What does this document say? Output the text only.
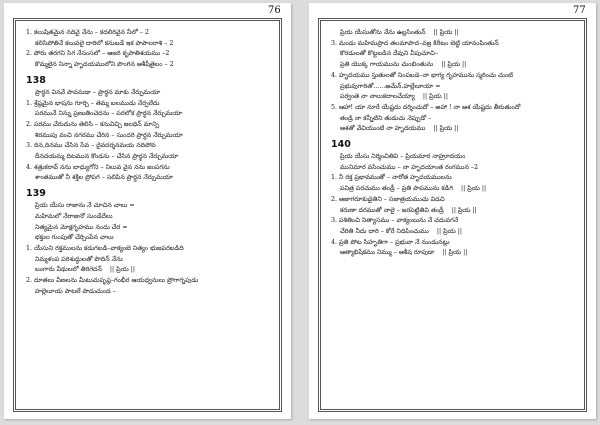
76
1. కలుషితమైన నదివై నేను – కదలిరివైన నీలో – 2
కలిసిపోతినే కలువలై దారిలో కనుబడే ఇక పాపాలరాశి – 2
2. పోరు తరగని సిగ నేసంసలో – ఆజరి కృపాతిశయము –2
కొమ్మలైన నిన్నా హృదయములోని పొంగిన ఆశీషీతైలం – 2
138
ప్రార్థన వినవే పావనుడా – ప్రార్థన మాకు నేర్పుమయా
1. శ్రేష్ఠమైన భాషను గూర్చి – తెమ్మ బలముడు నేర్పలేదు
పరమునే నిన్ను ప్రణుతించెదను – పరలోక ప్రార్థన నేర్చుమయా
2. పరము చేరుదును తెలిసి – కనువిచ్చి జలధిన్ మాన్పి
శిరముపు వంచి నగరము చేరిన – సుందరి ప్రార్థన నేర్చుమయా
3. దిన,దినము చేసిన సేవ – దైవదర్శనమయ నదిపోవ
దీనదయమ్మ దిటమున కొండను – చేసిన ప్రార్థన నేర్చుమయా
4. శత్రుకరావ్ నను బాధ్యుగోని – నిలువ వైన నను జంపగను
శాంతముతో నీ శక్తిల ప్రోపగ – సలిపిన ప్రార్థన నేర్చుమయా
139
ప్రియ యేసు రాజాను నే చూచిన చాలు =
మహిమలో నేరాజునో సుండేదేలు
నిత్యమైన మోక్షగృహము నందు చేర =
భక్తుల గుంపుతో చేర్చింపేన చాలు
1. యేసుని రక్తములను కడుగబడి–వాక్యంబె నిత్యం భుజపరబడిది
నిమ్మళంప పరిశుద్ధులతో పొదిన్ నేను
బంగారు వీథులలో తిరిగెదన్ || ప్రియ ||
2. దూతలు వీణలను మీటుచుపృష్ఠ–గంభీర ఆయధ్వనులు ప్రోగాగ్నపుడు
హల్లెలూయ పాటలే పాడుచుండ –
77
ప్రియ యేసుతోను నేను ఉల్లసింతున్ || ప్రియ ||
3. మండు మహిమప్రాద తలమాపాద–వజ్ర కిరీటం బెట్టి యానంపింతున్
కొరడులతో కొట్టబడిన దేవుని వీపుచూచి–
ప్రతి యొక్క గాయమును చుంబింతును || ప్రియ ||
4. హృదయము స్తుతులతో నింపబడె–నా భాగ్య గృహమును స్మరించు చుంటి
ప్రభువుగారితో......అమేన్.హల్లేలూయా =
పర్వంతె నా నాలుకదాలచేయ్యా || ప్రియ ||
5. ఆహా! యా నూరే యేష్టదు దర్శించుదో – అహా ! నా ఆశ యేష్టదు తీరుతుందో
తండ్రి నా కన్నీటిని తుడుచు నెప్పుడో –
ఆశతో వేచియుంటి నా హృదయము || ప్రియ ||
140
ప్రియ యేసు నిర్మించితివి – ప్రియమార నాహ్రూదయం
మునిమార వసించుము – నా హృదయాంత రంగమున –2
1. నీ రక్త ప్రభావముతో – నారోత హృదయములను
పవిత్ర పరచుము తండ్రీ – ప్రతి పాపమును కడిగి || ప్రియ ||
2. ఆజాగరూకుడైతిని – సజాత్రయముచు విడచి
కరుణా దరముతో నాలై – జరపెట్టితివి తండ్రీ || ప్రియ ||
3. పశితించి నిత్యాసము – వాక్యంబును నే చదువగనే
చేరితి నీదు దారి – కోరే నిదిపించుము || ప్రియ ||
4. ప్రతి పోట సిహృతిగా – ప్రభువా నే నుండునట్లు
ఆత్మాభిషేకము నిమ్ము – ఆశీష రూపుడా || ప్రియ ||
